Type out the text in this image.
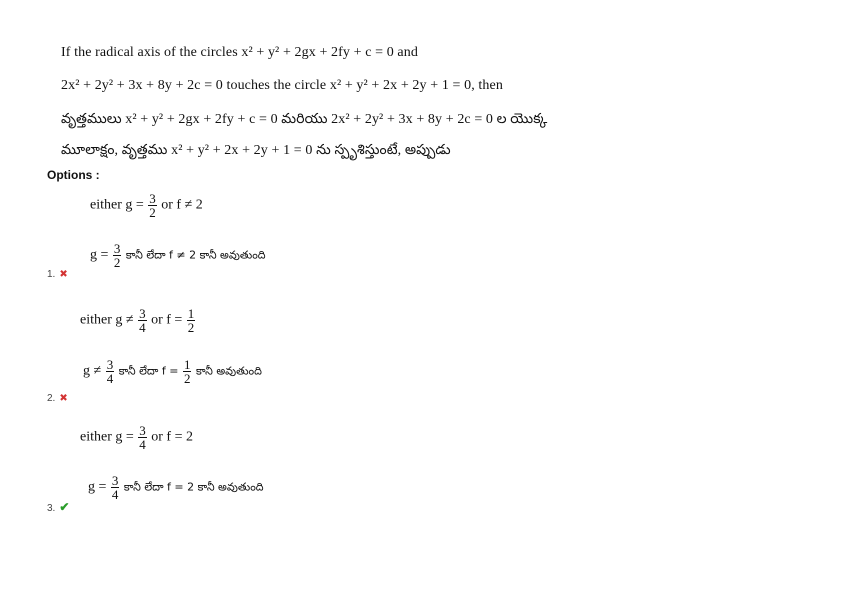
If the radical axis of the circles x² + y² + 2gx + 2fy + c = 0 and
2x² + 2y² + 3x + 8y + 2c = 0 touches the circle x² + y² + 2x + 2y + 1 = 0, then
వృత్తములు x² + y² + 2gx + 2fy + c = 0 మరియు 2x² + 2y² + 3x + 8y + 2c = 0 ల యొక్క
మూలాక్షం, వృత్తము x² + y² + 2x + 2y + 1 = 0 ను స్పృశిస్తుంటే, అప్పుడు
Options :
either $g = \frac{3}{2}$ or f ≠ 2
$g = \frac{3}{2}$ కానీ లేదా f ≠ 2 కానీ అవుతుంది
1. ✖
either $g \ne \frac{3}{4}$ or $f = \frac{1}{2}$
$g \ne \frac{3}{4}$ కానీ లేదా $f = \frac{1}{2}$ కానీ అవుతుంది
2. ✖
either $g = \frac{3}{4}$ or f = 2
$g = \frac{3}{4}$ కానీ లేదా f = 2 కానీ అవుతుంది
3. ✔
